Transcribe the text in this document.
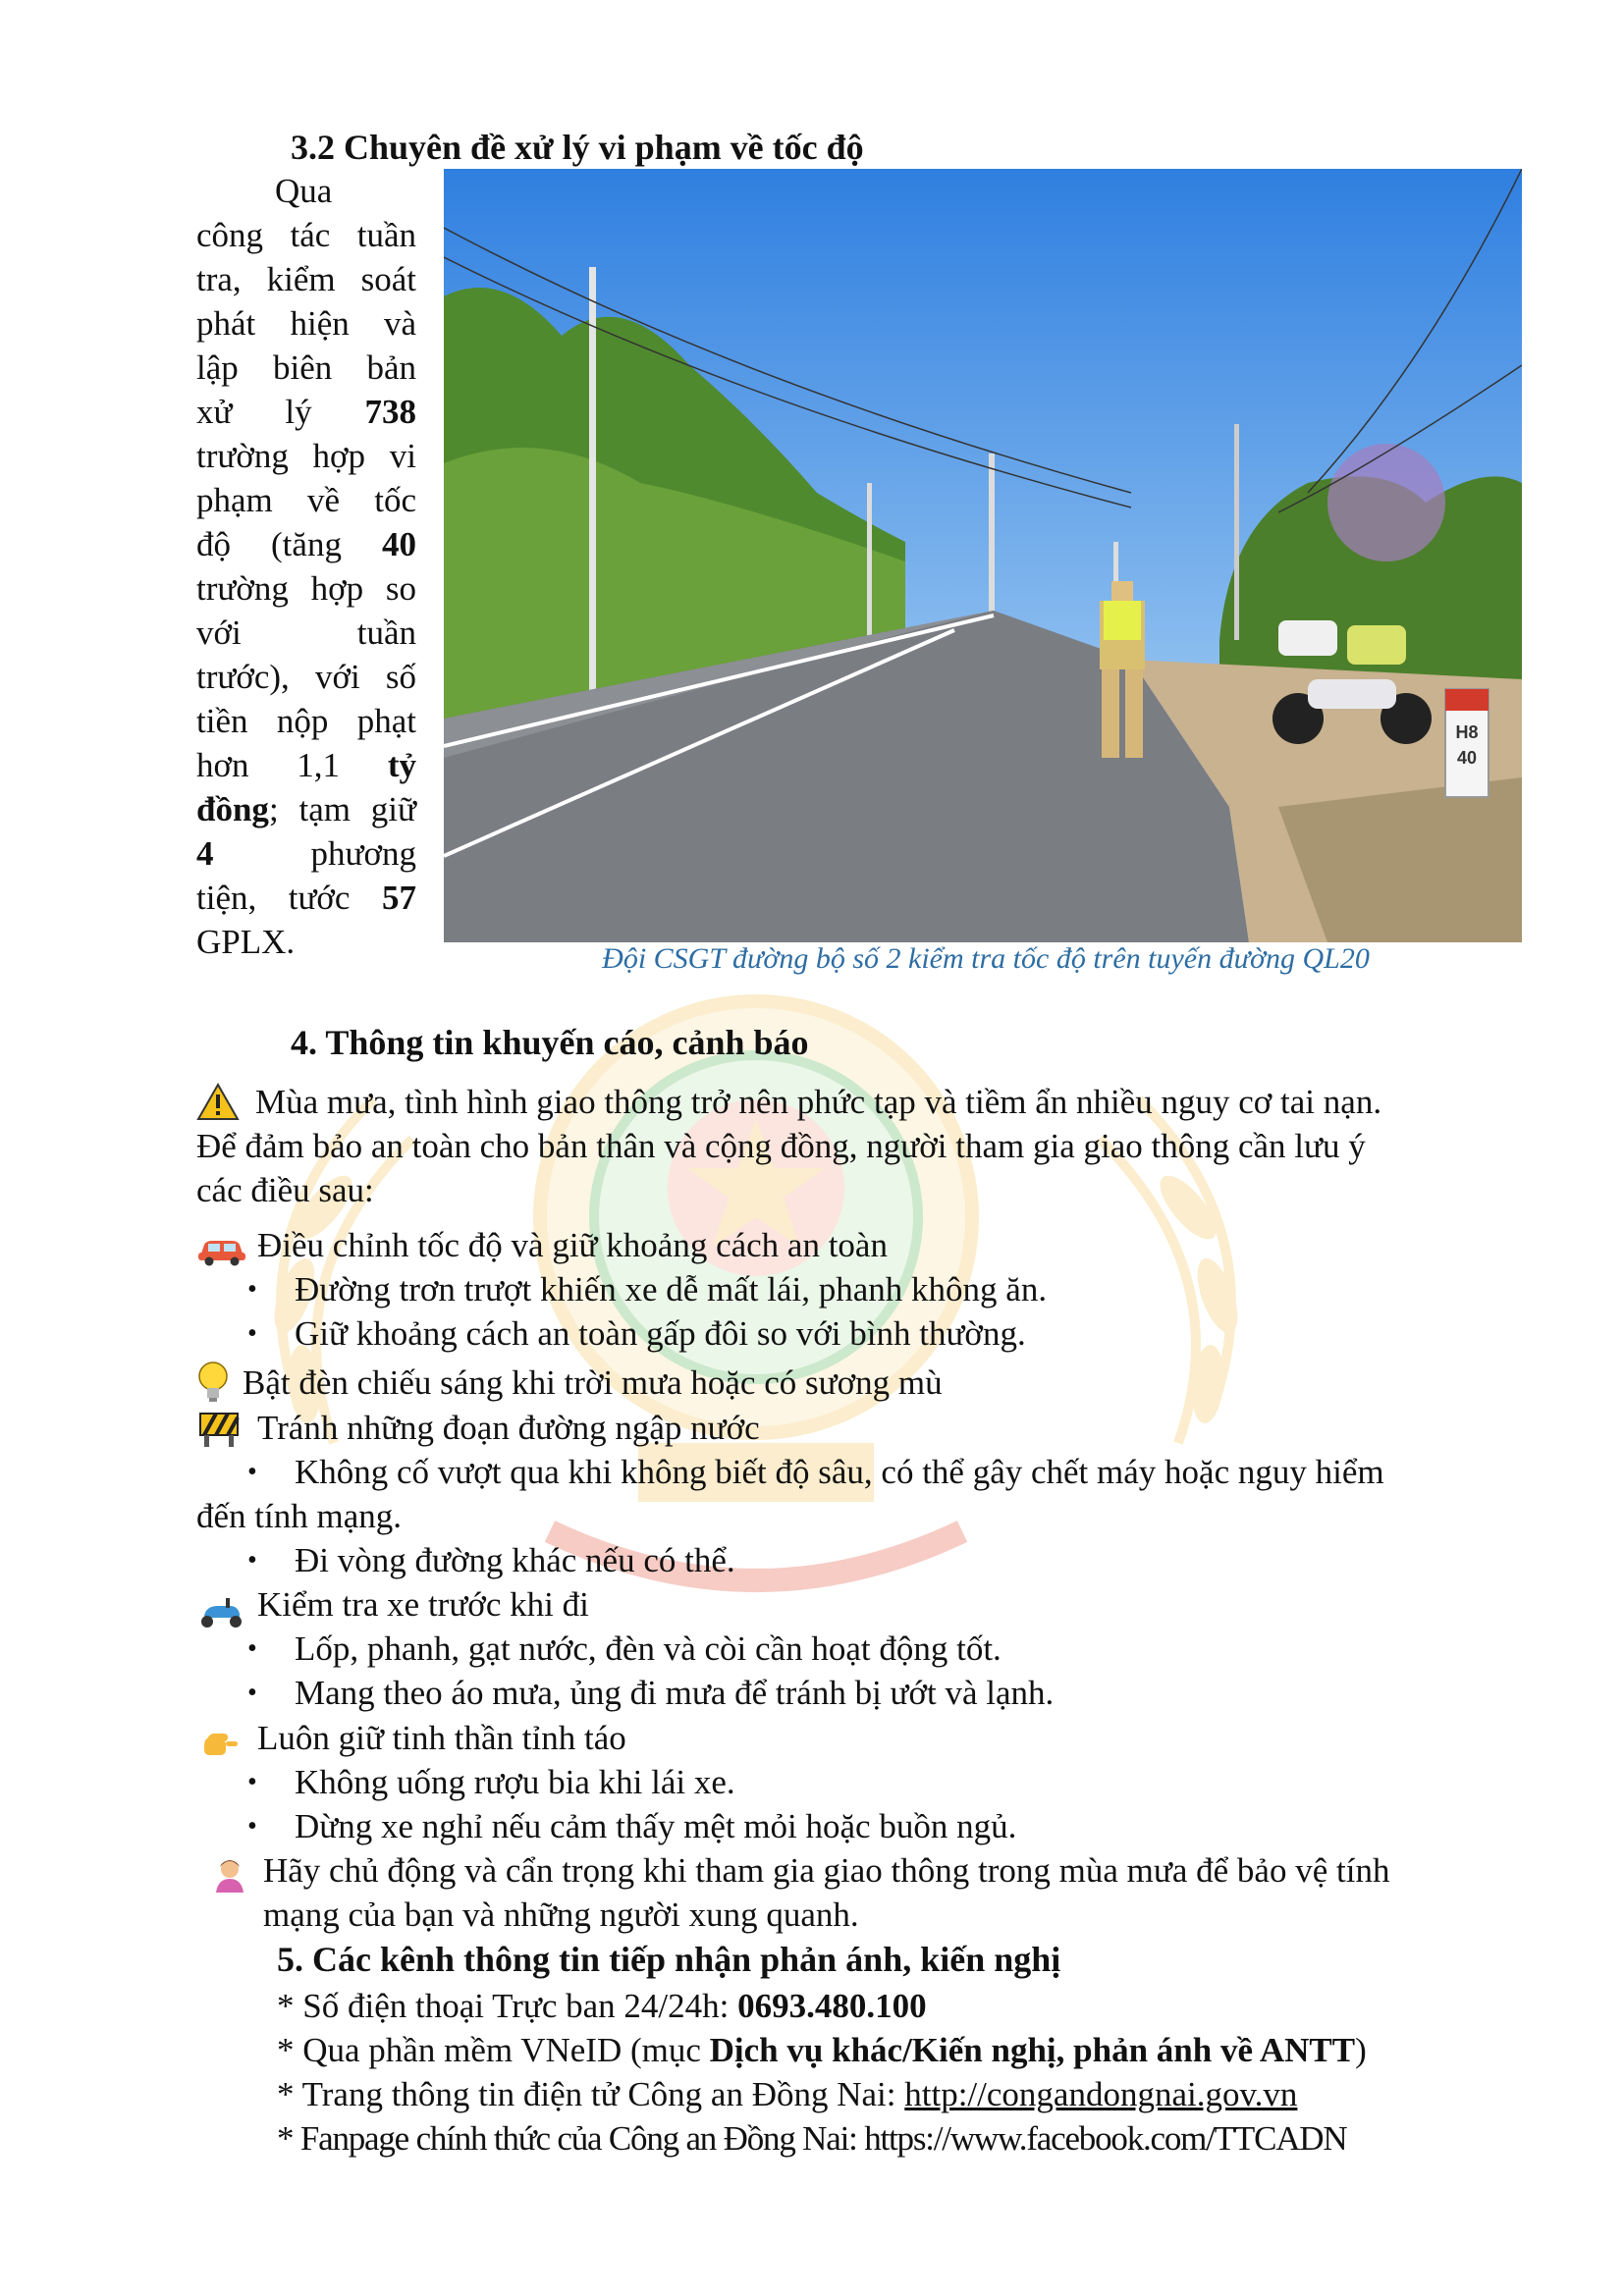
3.2 Chuyên đề xử lý vi phạm về tốc độ
Qua
công tác tuần
tra, kiểm soát
phát hiện và
lập biên bản
xử lý 738
trường hợp vi
phạm về tốc
độ (tăng 40
trường hợp so
với	tuần
trước), với số
tiền nộp phạt
hơn 1,1 tỷ
đồng; tạm giữ
4	phương
tiện, tước 57
GPLX.
H8
40
Đội CSGT đường bộ số 2 kiểm tra tốc độ trên tuyến đường QL20
4. Thông tin khuyến cáo, cảnh báo
Mùa mưa, tình hình giao thông trở nên phức tạp và tiềm ẩn nhiều nguy cơ tai nạn.
Để đảm bảo an toàn cho bản thân và cộng đồng, người tham gia giao thông cần lưu ý
các điều sau:
Điều chỉnh tốc độ và giữ khoảng cách an toàn
• Đường trơn trượt khiến xe dễ mất lái, phanh không ăn.
• Giữ khoảng cách an toàn gấp đôi so với bình thường.
Bật đèn chiếu sáng khi trời mưa hoặc có sương mù
Tránh những đoạn đường ngập nước
• Không cố vượt qua khi không biết độ sâu, có thể gây chết máy hoặc nguy hiểm
đến tính mạng.
• Đi vòng đường khác nếu có thể.
Kiểm tra xe trước khi đi
• Lốp, phanh, gạt nước, đèn và còi cần hoạt động tốt.
• Mang theo áo mưa, ủng đi mưa để tránh bị ướt và lạnh.
Luôn giữ tinh thần tỉnh táo
• Không uống rượu bia khi lái xe.
• Dừng xe nghỉ nếu cảm thấy mệt mỏi hoặc buồn ngủ.
Hãy chủ động và cẩn trọng khi tham gia giao thông trong mùa mưa để bảo vệ tính
mạng của bạn và những người xung quanh.
5. Các kênh thông tin tiếp nhận phản ánh, kiến nghị
* Số điện thoại Trực ban 24/24h: 0693.480.100
* Qua phần mềm VNeID (mục Dịch vụ khác/Kiến nghị, phản ánh về ANTT)
* Trang thông tin điện tử Công an Đồng Nai: http://congandongnai.gov.vn
* Fanpage chính thức của Công an Đồng Nai: https://www.facebook.com/TTCADN
